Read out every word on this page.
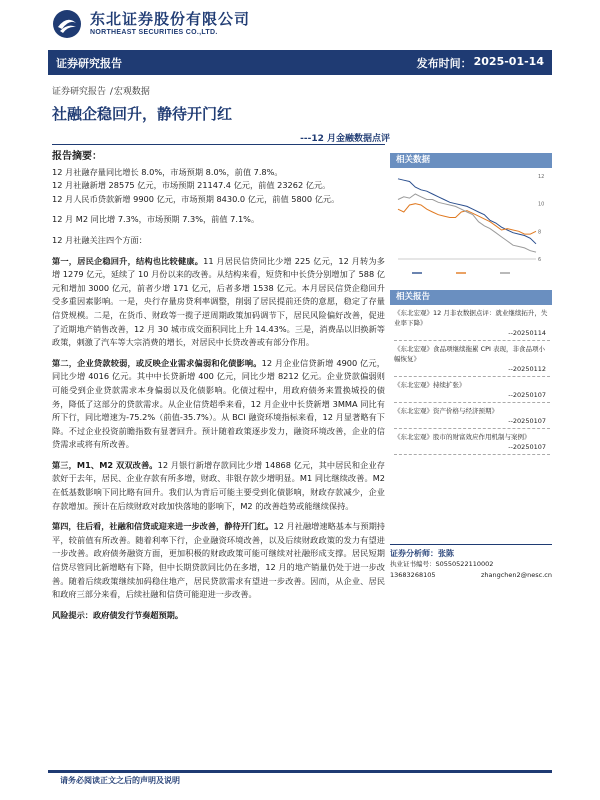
东北证券股份有限公司
NORTHEAST SECURITIES CO.,LTD.
证券研究报告	发布时间： 2025-01-14
证券研究报告 /宏观数据
社融企稳回升，静待开门红
---12 月金融数据点评
报告摘要：

12 月社融存量同比增长 8.0%，市场预期 8.0%，前值 7.8%。

12 月社融新增 28575 亿元，市场预期 21147.4 亿元，前值 23262 亿元。

12 月人民币贷款新增 9900 亿元，市场预期 8430.0 亿元，前值 5800 亿元。

12 月 M2 同比增 7.3%，市场预期 7.3%，前值 7.1%。

12 月社融关注四个方面：

第一，居民企稳回升，结构也比较健康。11 月居民信贷同比少增 225 亿元，12 月转为多增 1279 亿元，延续了 10 月份以来的改善。从结构来看，短贷和中长贷分别增加了 588 亿元和增加 3000 亿元，前者少增 171 亿元，后者多增 1538 亿元。本月居民信贷企稳回升受多重因素影响。一是，央行存量房贷利率调整，削弱了居民提前还贷的意愿，稳定了存量信贷规模。二是，在货币、财政等一揽子逆周期政策加码调节下，居民风险偏好改善，促进了近期地产销售改善，12 月 30 城市成交面积同比上升 14.43%。三是，消费品以旧换新等政策，刺激了汽车等大宗消费的增长，对居民中长贷改善或有部分作用。

第二，企业贷款较弱，或反映企业需求偏弱和化债影响。12 月企业信贷新增 4900 亿元，同比少增 4016 亿元。其中中长贷新增 400 亿元，同比少增 8212 亿元。企业贷款偏弱则可能受到企业贷款需求本身偏弱以及化债影响。化债过程中，用政府债务来置换城投的债务，降低了这部分的贷款需求。从企业信贷超季来看，12 月企业中长贷新增 3MMA 同比有所下行，同比增速为-75.2%（前值-35.7%）。从 BCI 融资环境指标来看，12 月显著略有下降。不过企业投资前瞻指数有显著回升。预计随着政策逐步发力，融资环境改善，企业的信贷需求或将有所改善。

第三，M1、M2 双双改善。12 月银行新增存款同比少增 14868 亿元，其中居民和企业存款好于去年，居民、企业存款有所多增，财政、非银存款少增明显。M1 同比继续改善。M2 在低基数影响下同比略有回升。我们认为背后可能主要受到化债影响，财政存款减少，企业存款增加。预计在后续财政对政加快落地的影响下，M2 的改善趋势或能继续保持。

第四，往后看，社融和信贷或迎来进一步改善，静待开门红。12 月社融增速略基本与预期持平，较前值有所改善。随着利率下行，企业融资环境改善，以及后续财政政策的发力有望进一步改善。政府债务融资方面，更加积极的财政政策可能可继续对社融形成支撑。居民短期信贷尽管同比新增略有下降，但中长期贷款同比仍在多增，12 月的地产销量仍处于进一步改善。随着后续政策继续加码稳住地产，居民贷款需求有望进一步改善。因而，从企业、居民和政府三部分来看，后续社融和信贷可能迎进一步改善。

风险提示：政府债发行节奏超预期。

相关数据
6
8
10
12
相关报告
《东北宏观》12 月非农数据点评：就业继续拓升，失业率下降》
--20250114
《东北宏观》食品项继续拖累 CPI 表现，非食品项小幅恢复》
--20250112
《东北宏观》持续扩张》
--20250107
《东北宏观》资产价格与经济预期》
--20250107
《东北宏观》股市的财富效应作用机制与案例》
--20250107
证券分析师：张陈
执业证书编号：S0550522110002
13683268105	zhangchen2@nesc.cn
请务必阅读正文之后的声明及说明
